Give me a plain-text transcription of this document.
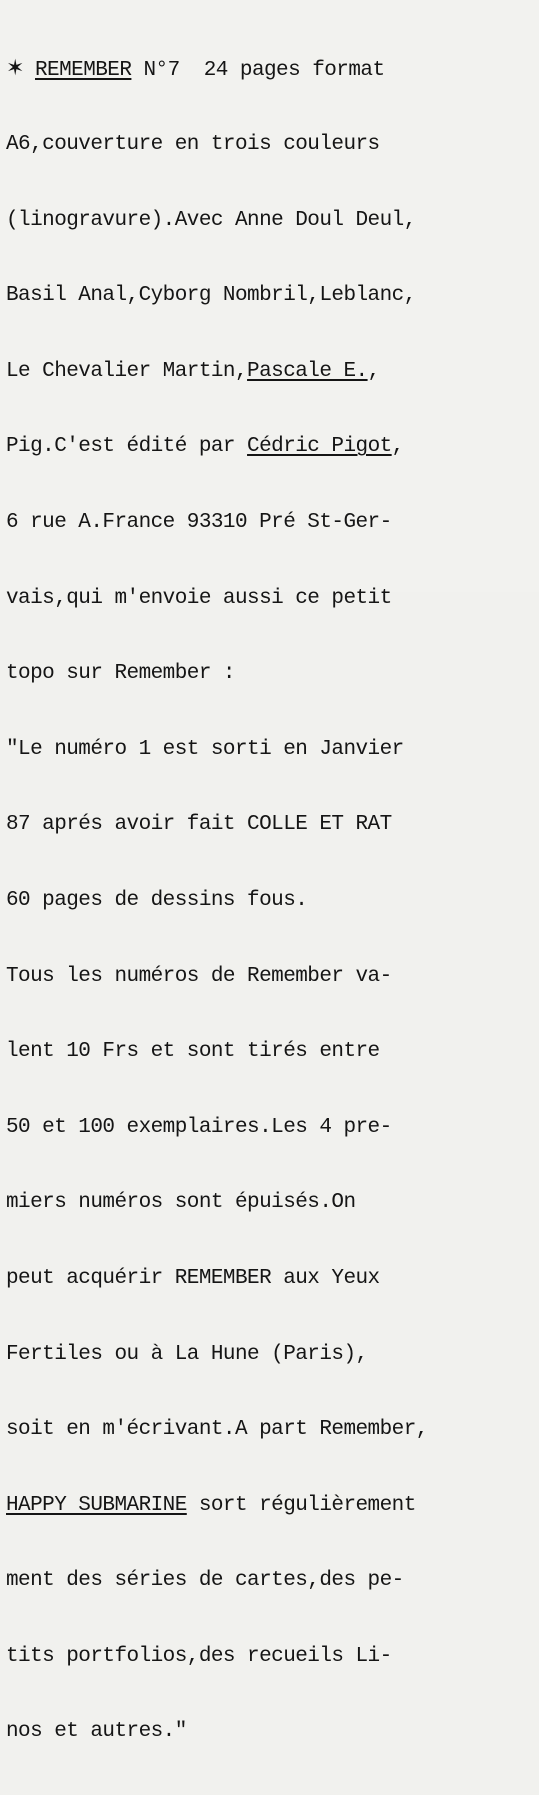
✶ REMEMBER N°7  24 pages format

A6,couverture en trois couleurs

(linogravure).Avec Anne Doul Deul,

Basil Anal,Cyborg Nombril,Leblanc,

Le Chevalier Martin,Pascale E.,

Pig.C'est édité par Cédric Pigot,

6 rue A.France 93310 Pré St-Ger-

vais,qui m'envoie aussi ce petit

topo sur Remember :

"Le numéro 1 est sorti en Janvier

87 aprés avoir fait COLLE ET RAT

60 pages de dessins fous.

Tous les numéros de Remember va-

lent 10 Frs et sont tirés entre

50 et 100 exemplaires.Les 4 pre-

miers numéros sont épuisés.On

peut acquérir REMEMBER aux Yeux

Fertiles ou à La Hune (Paris),

soit en m'écrivant.A part Remember,

HAPPY SUBMARINE sort régulièrement

ment des séries de cartes,des pe-

tits portfolios,des recueils Li-

nos et autres."
